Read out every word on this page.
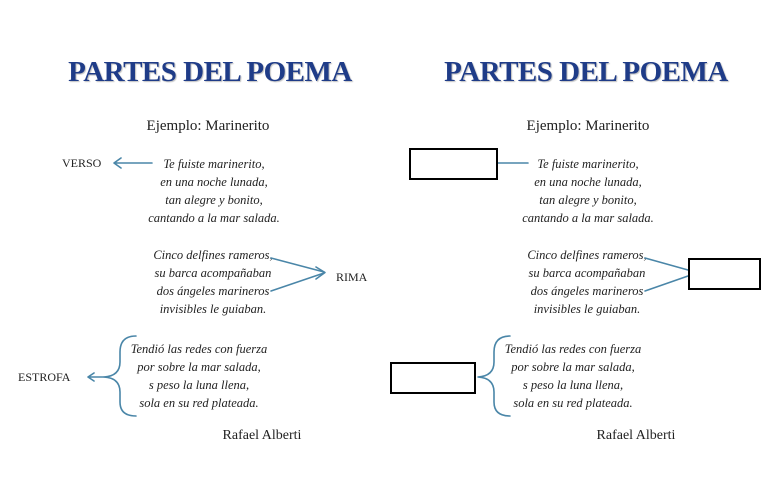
PARTES DEL POEMA
Ejemplo: Marinerito
Te fuiste marinerito,
en una noche lunada,
tan alegre y bonito,
cantando a la mar salada.
Cinco delfines rameros,
su barca acompañaban
dos ángeles marineros
invisibles le guiaban.
Tendió las redes con fuerza
por sobre la mar salada,
s peso la luna llena,
sola en su red plateada.
Rafael Alberti
VERSO
RIMA
ESTROFA
PARTES DEL POEMA
Ejemplo: Marinerito
Te fuiste marinerito,
en una noche lunada,
tan alegre y bonito,
cantando a la mar salada.
Cinco delfines rameros,
su barca acompañaban
dos ángeles marineros
invisibles le guiaban.
Tendió las redes con fuerza
por sobre la mar salada,
s peso la luna llena,
sola en su red plateada.
Rafael Alberti
